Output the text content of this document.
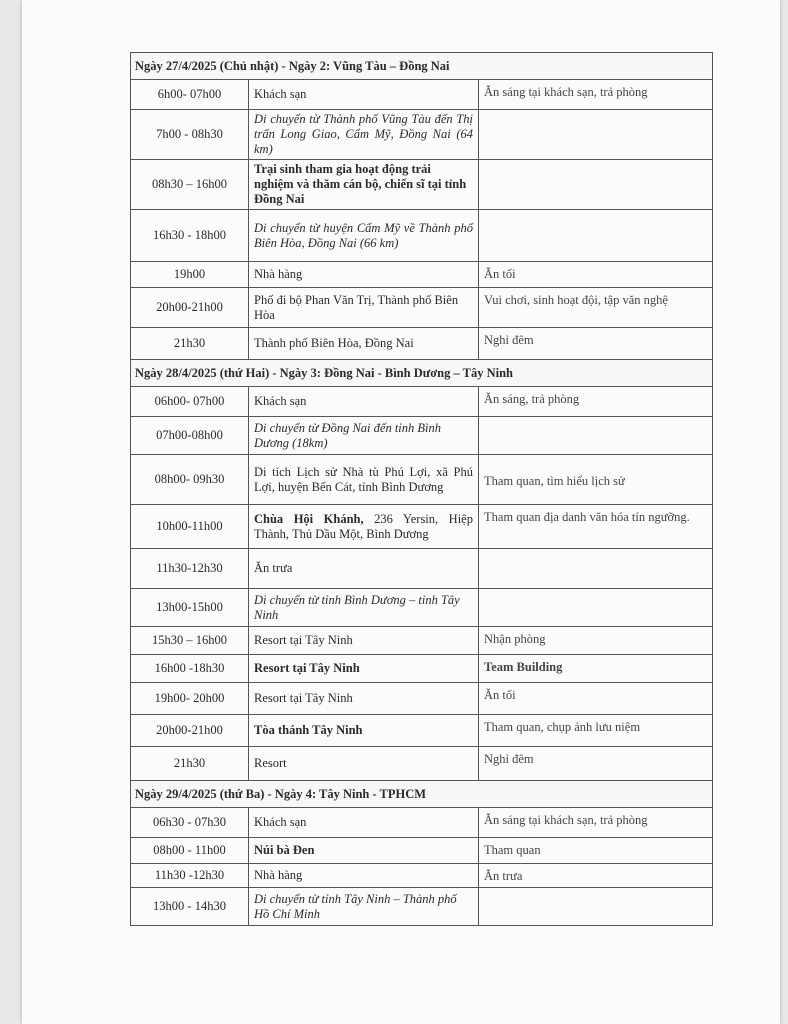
Ngày 27/4/2025 (Chủ nhật) - Ngày 2: Vũng Tàu – Đồng Nai		
6h00- 07h00	Khách sạn	Ăn sáng tại khách sạn, trả phòng
7h00 - 08h30	Di chuyển từ Thành phố Vũng Tàu đến Thị trấn Long Giao, Cẩm Mỹ, Đồng Nai (64 km)	
08h30 – 16h00	Trại sinh tham gia hoạt động trải nghiệm và thăm cán bộ, chiến sĩ tại tỉnh Đồng Nai	
16h30 - 18h00	Di chuyển từ huyện Cẩm Mỹ về Thành phố Biên Hòa, Đồng Nai (66 km)	
19h00	Nhà hàng	Ăn tối
20h00-21h00	Phố đi bộ Phan Văn Trị, Thành phố Biên Hòa	Vui chơi, sinh hoạt đội, tập văn nghệ
21h30	Thành phố Biên Hòa, Đồng Nai	Nghỉ đêm
Ngày 28/4/2025 (thứ Hai) - Ngày 3: Đồng Nai - Bình Dương – Tây Ninh		
06h00- 07h00	Khách sạn	Ăn sáng, trả phòng
07h00-08h00	Di chuyển từ Đồng Nai đến tỉnh Bình Dương (18km)	
08h00- 09h30	Di tích Lịch sử Nhà tù Phú Lợi, xã Phú Lợi, huyện Bến Cát, tỉnh Bình Dương	Tham quan, tìm hiểu lịch sử
10h00-11h00	Chùa Hội Khánh, 236 Yersin, Hiệp Thành, Thủ Dầu Một, Bình Dương	Tham quan địa danh văn hóa tín ngưỡng.
11h30-12h30	Ăn trưa	
13h00-15h00	Di chuyển từ tỉnh Bình Dương – tỉnh Tây Ninh	
15h30 – 16h00	Resort tại Tây Ninh	Nhận phòng
16h00 -18h30	Resort tại Tây Ninh	Team Building
19h00- 20h00	Resort tại Tây Ninh	Ăn tối
20h00-21h00	Tòa thánh Tây Ninh	Tham quan, chụp ảnh lưu niệm
21h30	Resort	Nghỉ đêm
Ngày 29/4/2025 (thứ Ba) - Ngày 4: Tây Ninh - TPHCM		
06h30 - 07h30	Khách sạn	Ăn sáng tại khách sạn, trả phòng
08h00 - 11h00	Núi bà Đen	Tham quan
11h30 -12h30	Nhà hàng	Ăn trưa
13h00 - 14h30	Di chuyển từ tỉnh Tây Ninh – Thành phố Hồ Chí Minh	
